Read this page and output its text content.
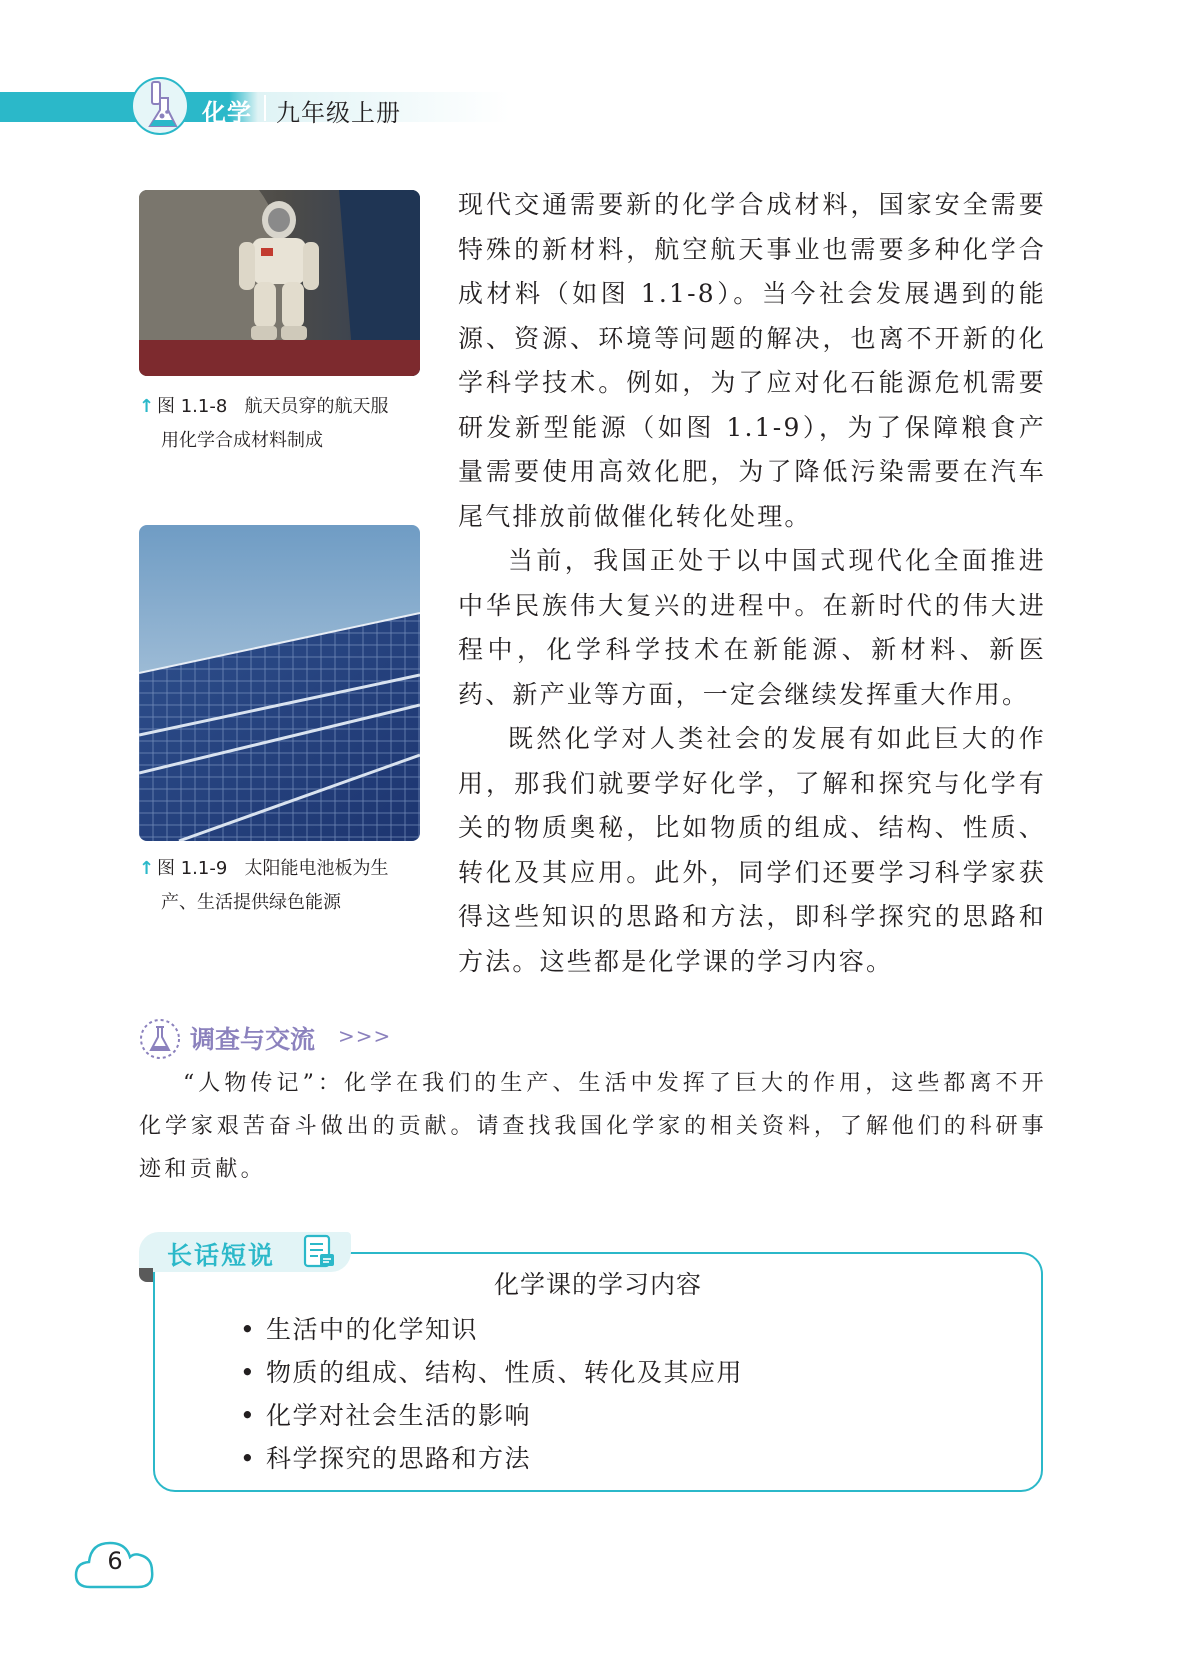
化学 九年级上册
↑ 图 1.1-8 航天员穿的航天服
用化学合成材料制成
↑ 图 1.1-9 太阳能电池板为生
产、生活提供绿色能源

现代交通需要新的化学合成材料，国家安全需要特殊的新材料，航空航天事业也需要多种化学合成材料（如图 1.1-8）。当今社会发展遇到的能源、资源、环境等问题的解决，也离不开新的化学科学技术。例如，为了应对化石能源危机需要研发新型能源（如图 1.1-9），为了保障粮食产量需要使用高效化肥，为了降低污染需要在汽车尾气排放前做催化转化处理。

当前，我国正处于以中国式现代化全面推进中华民族伟大复兴的进程中。在新时代的伟大进程中，化学科学技术在新能源、新材料、新医药、新产业等方面，一定会继续发挥重大作用。

既然化学对人类社会的发展有如此巨大的作用，那我们就要学好化学，了解和探究与化学有关的物质奥秘，比如物质的组成、结构、性质、转化及其应用。此外，同学们还要学习科学家获得这些知识的思路和方法，即科学探究的思路和方法。这些都是化学课的学习内容。

调查与交流 >>>

“人物传记”：化学在我们的生产、生活中发挥了巨大的作用，这些都离不开化学家艰苦奋斗做出的贡献。请查找我国化学家的相关资料，了解他们的科研事迹和贡献。

长话短说
化学课的学习内容
• 生活中的化学知识
• 物质的组成、结构、性质、转化及其应用
• 化学对社会生活的影响
• 科学探究的思路和方法
6
